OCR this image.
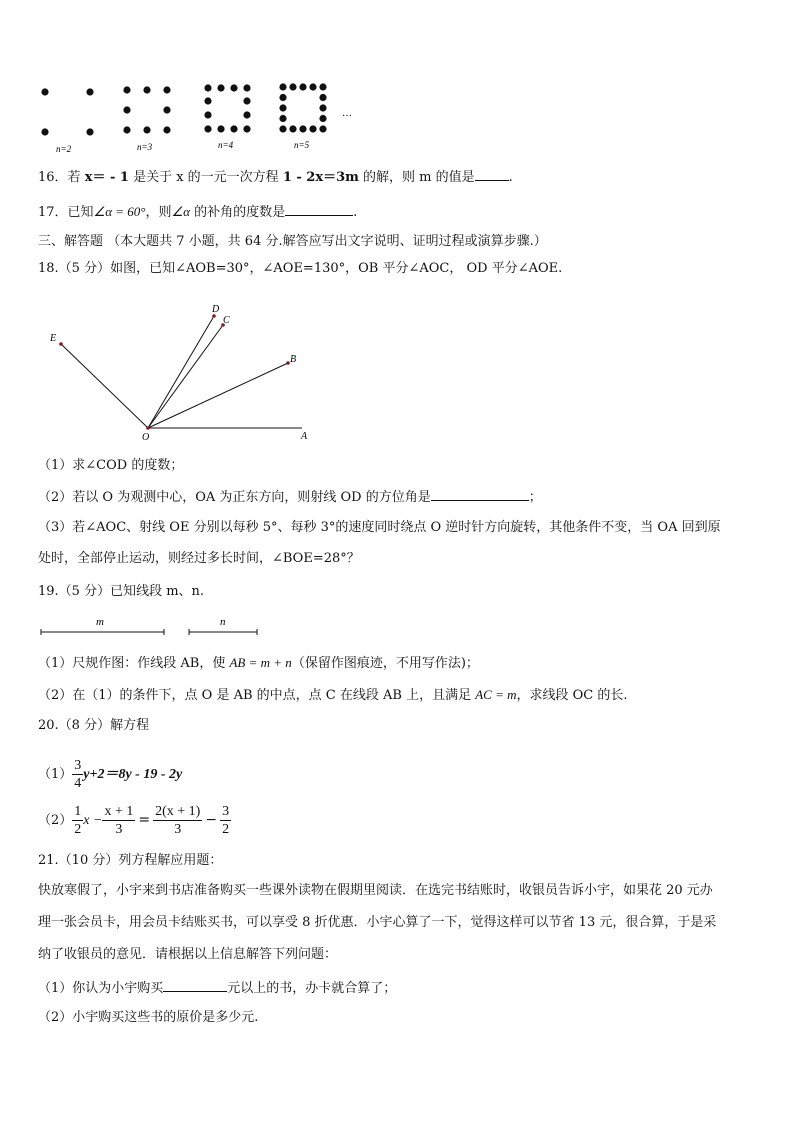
…
n=2	n=3	n=4	n=5
16．若 x＝ - 1 是关于 x 的一元一次方程 1 - 2x＝3m 的解，则 m 的值是	.
17．已知∠α = 60°，则∠α 的补角的度数是	.
三、解答题 （本大题共 7 小题，共 64 分.解答应写出文字说明、证明过程或演算步骤.）
18.（5 分）如图，已知∠AOB=30°，∠AOE=130°，OB 平分∠AOC， OD 平分∠AOE.
E
D
C
B
O	A
（1）求∠COD 的度数；
（2）若以 O 为观测中心，OA 为正东方向，则射线 OD 的方位角是	；
（3）若∠AOC、射线 OE 分别以每秒 5°、每秒 3°的速度同时绕点 O 逆时针方向旋转，其他条件不变，当 OA 回到原
处时，全部停止运动，则经过多长时间，∠BOE=28°？
19.（5 分）已知线段 m、n.
m	n
（1）尺规作图：作线段 AB，使 AB = m + n（保留作图痕迹，不用写作法)；
（2）在（1）的条件下，点 O 是 AB 的中点，点 C 在线段 AB 上，且满足 AC = m，求线段 OC 的长.
20.（8 分）解方程
$(1) \frac{3}{4} y+2=8y - 19 - 2y$
$(2) \frac{1}{2}$ $x - \frac{x + 1}{3} = \frac{2(x + 1)}{3} - \frac{3}{2}$
21.（10 分）列方程解应用题：
快放寒假了，小宇来到书店准备购买一些课外读物在假期里阅读．在选完书结账时，收银员告诉小宇，如果花 20 元办
理一张会员卡，用会员卡结账买书，可以享受 8 折优惠．小宇心算了一下，觉得这样可以节省 13 元，很合算，于是采
纳了收银员的意见．请根据以上信息解答下列问题：
（1）你认为小宇购买	元以上的书，办卡就合算了；
（2）小宇购买这些书的原价是多少元.
